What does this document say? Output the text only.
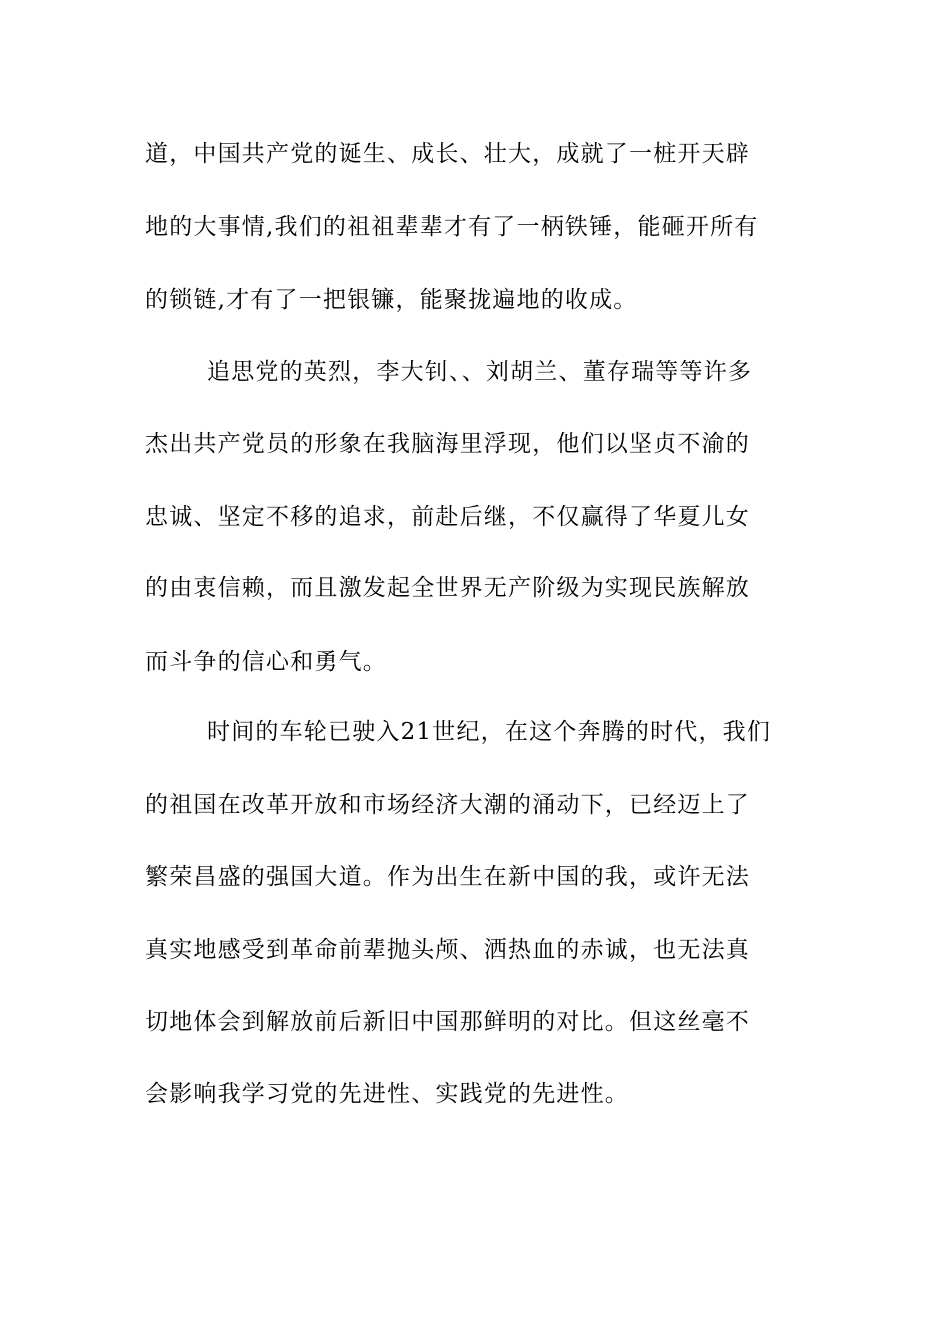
道，中国共产党的诞生、成长、壮大，成就了一桩开天辟
地的大事情,我们的祖祖辈辈才有了一柄铁锤，能砸开所有
的锁链,才有了一把银镰，能聚拢遍地的收成。
追思党的英烈，李大钊、、刘胡兰、董存瑞等等许多
杰出共产党员的形象在我脑海里浮现，他们以坚贞不渝的
忠诚、坚定不移的追求，前赴后继，不仅赢得了华夏儿女
的由衷信赖，而且激发起全世界无产阶级为实现民族解放
而斗争的信心和勇气。
时间的车轮已驶入21世纪，在这个奔腾的时代，我们
的祖国在改革开放和市场经济大潮的涌动下，已经迈上了
繁荣昌盛的强国大道。作为出生在新中国的我，或许无法
真实地感受到革命前辈抛头颅、洒热血的赤诚，也无法真
切地体会到解放前后新旧中国那鲜明的对比。但这丝毫不
会影响我学习党的先进性、实践党的先进性。
